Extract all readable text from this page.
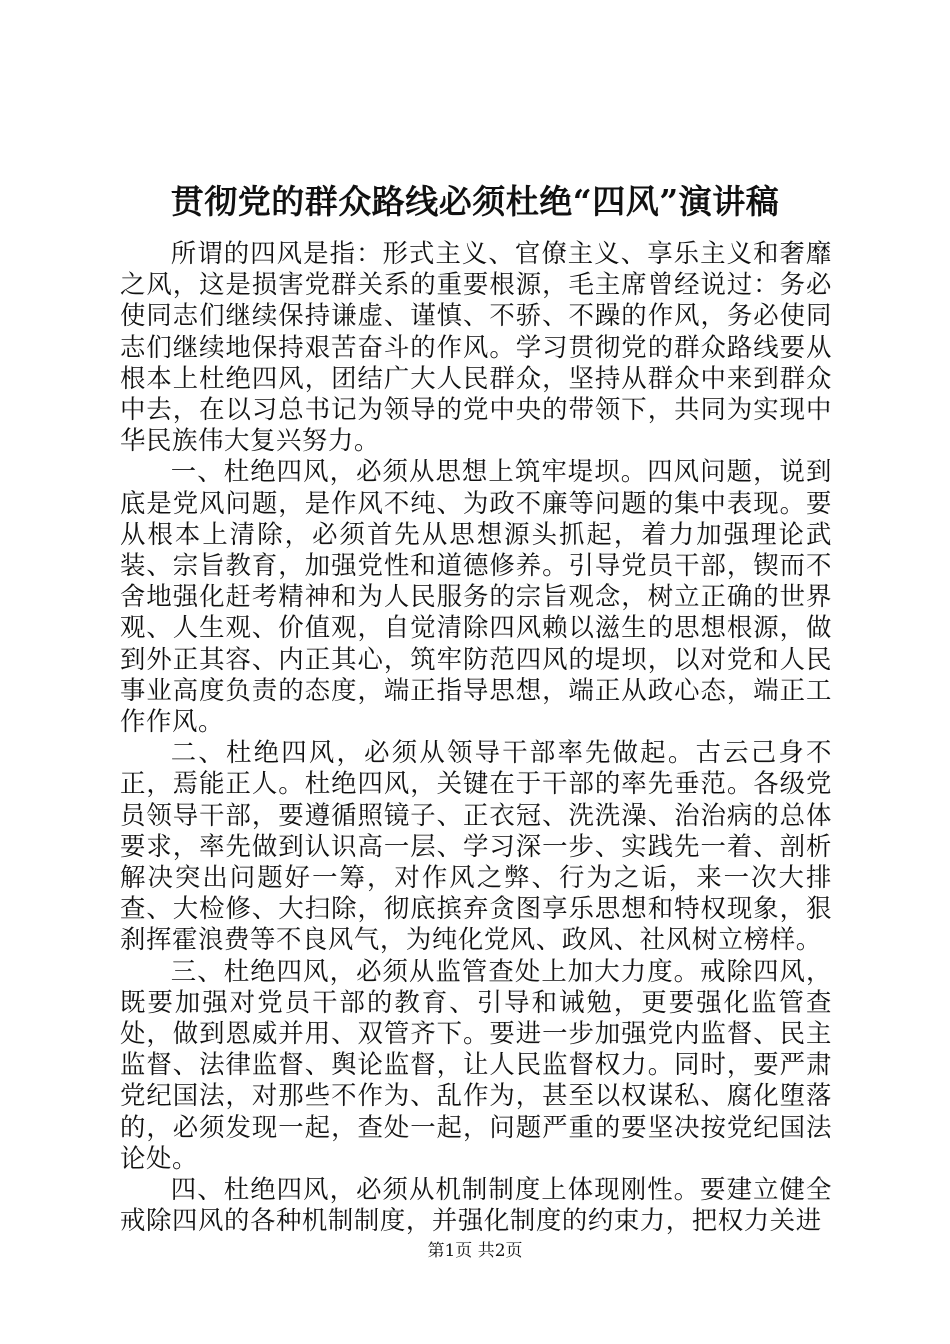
贯彻党的群众路线必须杜绝“四风”演讲稿

所谓的四风是指：形式主义、官僚主义、享乐主义和奢靡之风，这是损害党群关系的重要根源，毛主席曾经说过：务必使同志们继续保持谦虚、谨慎、不骄、不躁的作风，务必使同志们继续地保持艰苦奋斗的作风。学习贯彻党的群众路线要从根本上杜绝四风，团结广大人民群众，坚持从群众中来到群众中去，在以习总书记为领导的党中央的带领下，共同为实现中华民族伟大复兴努力。

一、杜绝四风，必须从思想上筑牢堤坝。四风问题，说到底是党风问题，是作风不纯、为政不廉等问题的集中表现。要从根本上清除，必须首先从思想源头抓起，着力加强理论武装、宗旨教育，加强党性和道德修养。引导党员干部，锲而不舍地强化赶考精神和为人民服务的宗旨观念，树立正确的世界观、人生观、价值观，自觉清除四风赖以滋生的思想根源，做到外正其容、内正其心，筑牢防范四风的堤坝，以对党和人民事业高度负责的态度，端正指导思想，端正从政心态，端正工作作风。

二、杜绝四风，必须从领导干部率先做起。古云己身不正，焉能正人。杜绝四风，关键在于干部的率先垂范。各级党员领导干部，要遵循照镜子、正衣冠、洗洗澡、治治病的总体要求，率先做到认识高一层、学习深一步、实践先一着、剖析解决突出问题好一筹，对作风之弊、行为之诟，来一次大排查、大检修、大扫除，彻底摈弃贪图享乐思想和特权现象，狠刹挥霍浪费等不良风气，为纯化党风、政风、社风树立榜样。

三、杜绝四风，必须从监管查处上加大力度。戒除四风，既要加强对党员干部的教育、引导和诫勉，更要强化监管查处，做到恩威并用、双管齐下。要进一步加强党内监督、民主监督、法律监督、舆论监督，让人民监督权力。同时，要严肃党纪国法，对那些不作为、乱作为，甚至以权谋私、腐化堕落的，必须发现一起，查处一起，问题严重的要坚决按党纪国法论处。

四、杜绝四风，必须从机制制度上体现刚性。要建立健全戒除四风的各种机制制度，并强化制度的约束力，把权力关进

第1页 共2页
